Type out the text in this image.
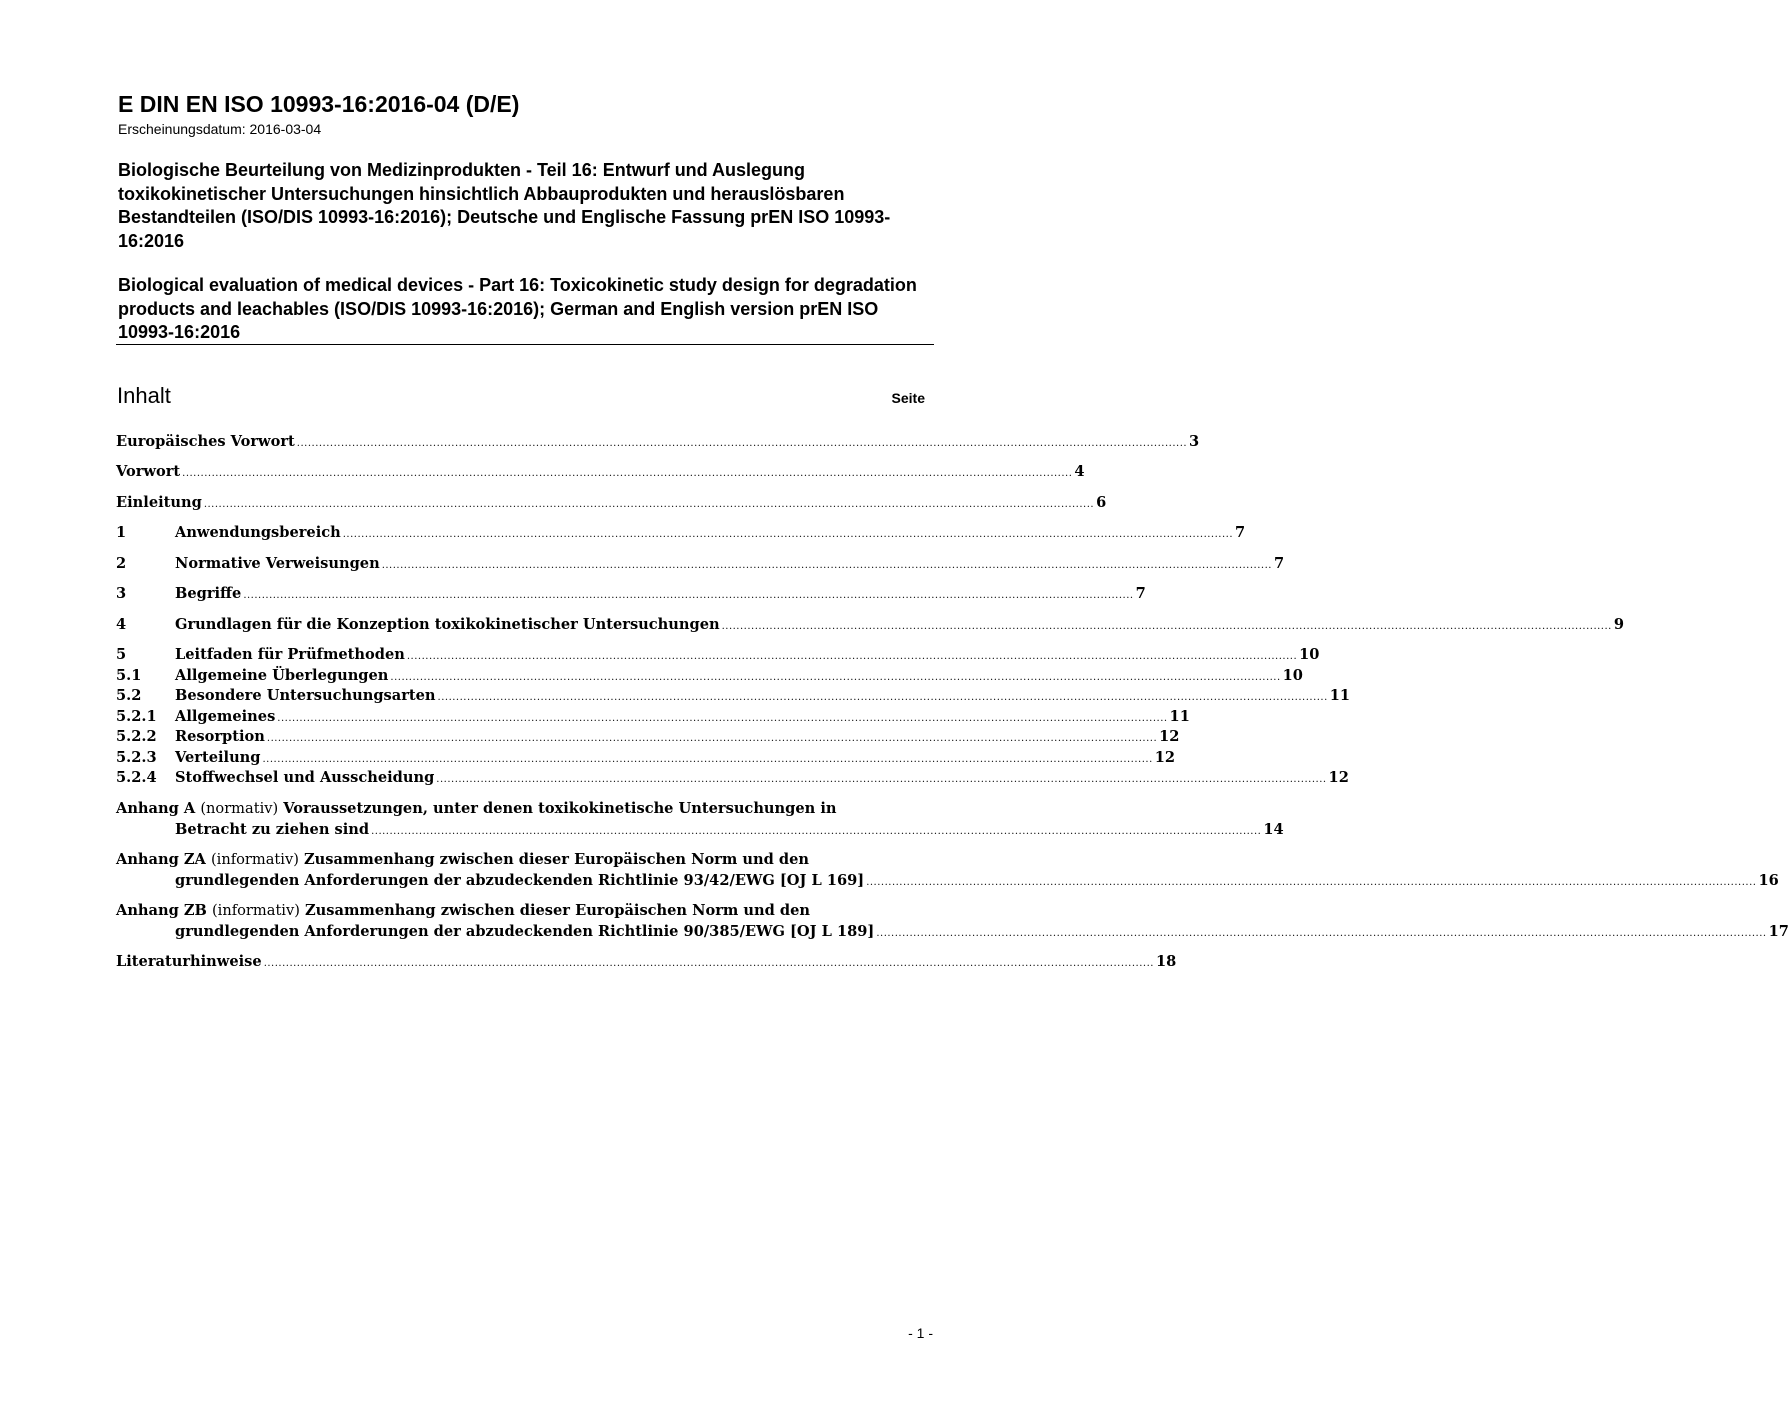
E DIN EN ISO 10993-16:2016-04 (D/E)
Erscheinungsdatum: 2016-03-04
Biologische Beurteilung von Medizinprodukten - Teil 16: Entwurf und Auslegung toxikokinetischer Untersuchungen hinsichtlich Abbauprodukten und herauslösbaren Bestandteilen (ISO/DIS 10993-16:2016); Deutsche und Englische Fassung prEN ISO 10993-16:2016
Biological evaluation of medical devices - Part 16: Toxicokinetic study design for degradation products and leachables (ISO/DIS 10993-16:2016); German and English version prEN ISO 10993-16:2016
Inhalt	Seite
Europäisches Vorwort .................................................................................................................................................................................................................................................. 3
Vorwort .................................................................................................................................................................................................................................................. 4
Einleitung .................................................................................................................................................................................................................................................. 6
1	Anwendungsbereich .................................................................................................................................................................................................................................................. 7
2	Normative Verweisungen .................................................................................................................................................................................................................................................. 7
3	Begriffe .................................................................................................................................................................................................................................................. 7
4	Grundlagen für die Konzeption toxikokinetischer Untersuchungen .................................................................................................................................................................................................................................................. 9
5	Leitfaden für Prüfmethoden .................................................................................................................................................................................................................................................. 10
5.1 Allgemeine Überlegungen .................................................................................................................................................................................................................................................. 10
5.2 Besondere Untersuchungsarten .................................................................................................................................................................................................................................................. 11
5.2.1 Allgemeines .................................................................................................................................................................................................................................................. 11
5.2.2 Resorption .................................................................................................................................................................................................................................................. 12
5.2.3 Verteilung .................................................................................................................................................................................................................................................. 12
5.2.4 Stoffwechsel und Ausscheidung .................................................................................................................................................................................................................................................. 12
Anhang A (normativ) Voraussetzungen, unter denen toxikokinetische Untersuchungen in
Betracht zu ziehen sind .................................................................................................................................................................................................................................................. 14
Anhang ZA (informativ) Zusammenhang zwischen dieser Europäischen Norm und den
grundlegenden Anforderungen der abzudeckenden Richtlinie 93/42/EWG [OJ L 169] .................................................................................................................................................................................................................................................. 16
Anhang ZB (informativ) Zusammenhang zwischen dieser Europäischen Norm und den
grundlegenden Anforderungen der abzudeckenden Richtlinie 90/385/EWG [OJ L 189] .................................................................................................................................................................................................................................................. 17
Literaturhinweise .................................................................................................................................................................................................................................................. 18
- 1 -
